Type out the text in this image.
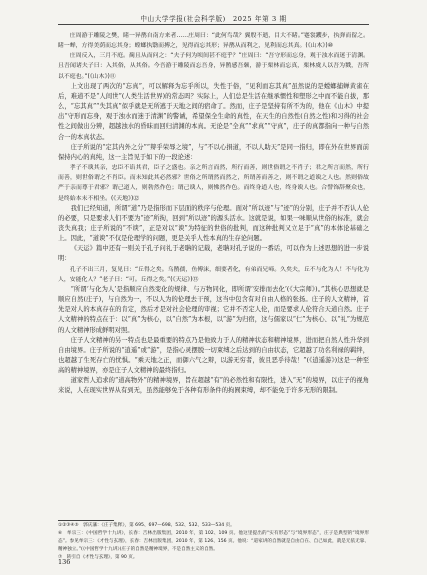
中山大学学报(社会科学版)　2025 年第 3 期

庄周游于雕陵之樊，睹一异鹊自南方来者……庄周曰：“此何鸟哉？翼殷不逝，目大不睹。”蹇裳躩步，执弹而留之。睹一蝉，方得美荫而忘其身；螳螂执翳而搏之，见得而忘其形；异鹊从而利之，见利而忘其真。(《山木》)⑩

庄周反入，三月不庭。蔺且从而问之：“夫子何为顷间甚不庭乎？”庄周曰：“吾守形而忘身，观于浊水而迷于清渊。且吾闻诸夫子曰：入其俗，从其俗。今吾游于雕陵而忘吾身，异鹊感吾颡，游于栗林而忘真，栗林虞人以吾为戮，吾所以不庭也。”(《山木》)⑪

上文出现了两次的“忘真”，可以解释为忘乎所以，失性于俗，“见利而忘其真”虽然说的是螳螂捕蝉黄雀在后，难道不是“人间世”(人类生活世界)的常态吗？实际上，人们总是生活在继承惯性和塑形之中而不能自拔，那么，“忘其真”“失其真”似乎就是无所逃于天地之间的宿命了。然而，庄子是坚持有所不为的，他在《山木》中提出“守形而忘身，观于浊水而迷于清渊”的警诫，希望保全生命的真性，在天生的自然性(自然之性)和习得的社会性之间做出分辨，超越浊水的昏昧而回归清渊的本真。无论是“全真”“求真”“守真”，庄子的真都指向一种与自然合一的本真状态。

庄子所说的“定其内外之分”“辩乎荣辱之境”，与“不以心捐道，不以人助天”是同一指归，即在外在世界面前保持内心的真纯，这一主旨见于如下的一段论述：

孝子不谀其亲，忠臣不谄其君，臣子之盛也。亲之所言而然，所行而善，则世俗谓之不肖子；君之所言而然，所行而善，则世俗谓之不肖臣。而未知此其必然邪？世俗之所谓然而然之，所谓善而善之，则不谓之道谀之人也。然则俗故严于亲而尊于君邪？谓己道人，则勃然作色；谓己谀人，则怫然作色。而终身道人也，终身谀人也。合譬饰辞聚众也，是终始本末不相坐。(《天地》)⑫

我们已经知道，所谓“道”乃是指形而下层面的秩序与伦理。面对“所以迹”与“迹”的分别，庄子并不否认人伦的必要，只是要求人们不要为“迹”所拘，回到“所以迹”的源头活水。这就是说，如果一味顺从世俗的标准，就会丧失真我；庄子所说的“不谀”，正是对以“谀”为特征的世俗的批判，而这种批判又立足于“真”的本体论基础之上。因此，“道谀”不仅是伦理学的问题，更是关乎人性本真的生存论问题。

《天运》篇中还有一则关于孔子问礼于老聃的记载，老聃对孔子说的一番话，可以作为上述思想的进一步说明：

孔子不出三月，复见曰：“丘得之矣。乌鹊孺，鱼傅沫，细要者化，有弟而兄啼。久矣夫，丘不与化为人！不与化为人，安能化人？”老子曰：“可。丘得之矣。”(《天运》)⑬

“所谓‘与化为人’是指顺应自然变化的规律、与万物同化，即所谓‘安排而去化’(《大宗师》)。”其核心思想就是顺应自然(庄子)，与自然为一，不以人为的伦理去干预，这当中包含有对自由人格的张扬。庄子的人文精神，首先是对人的本真存在的肯定，然后才是对社会伦理的审视；它并不否定人伦，而是要求人伦符合天道自然。庄子人文精神的特点在于：以“真”为核心，以“自然”为本根，以“游”为归宿，这与儒家以“仁”为核心、以“礼”为规范的人文精神形成鲜明对照。

庄子人文精神的另一特点也是最重要的特点乃是他致力于人的精神状态和精神境界，进而把自然人性升华到自由境界。庄子所说的“逍遥”或“游”，是指心灵摆脱一切束缚之后达到的自由状态，它超越了功名利禄的羁绊，也超越了生死存亡的忧惧。“乘天地之正，而御六气之辩，以游无穷者，彼且恶乎待哉！”(《逍遥游》)这是一种至高的精神境界，亦是庄子人文精神的最终指归。

道家哲人追求的“道高物外”的精神境界，旨在超越“有”的必然性和有限性，进入“无”的境界，以庄子的视角来说，人在现实世界从有到无，虽然能够免于各种有形条件的拘囿束缚，却不能免于许多无形的限制。

①②③④⑤　郭庆藩：《庄子集释》，第 695、697—698、532、532、533—534 页。

⑥　牟宗三：《中国哲学十九讲》，长春：吉林出版集团，2010 年，第 102、109 页。他这里提出的“实有形态”与“境界形态”，庄子是典型的“境界形态”。参见牟宗三：《才性与玄理》，长春：吉林出版集团，2010 年，第 126、156 页。他说：“道家讲的自然就是自由自在、自己如此，就是无依无靠、精神独立。”(《中国哲学十九讲》)庄子的自然是精神境界，不是自然主义的自然。

⑦　转引自《才性与玄理》，第 90 页。

136
